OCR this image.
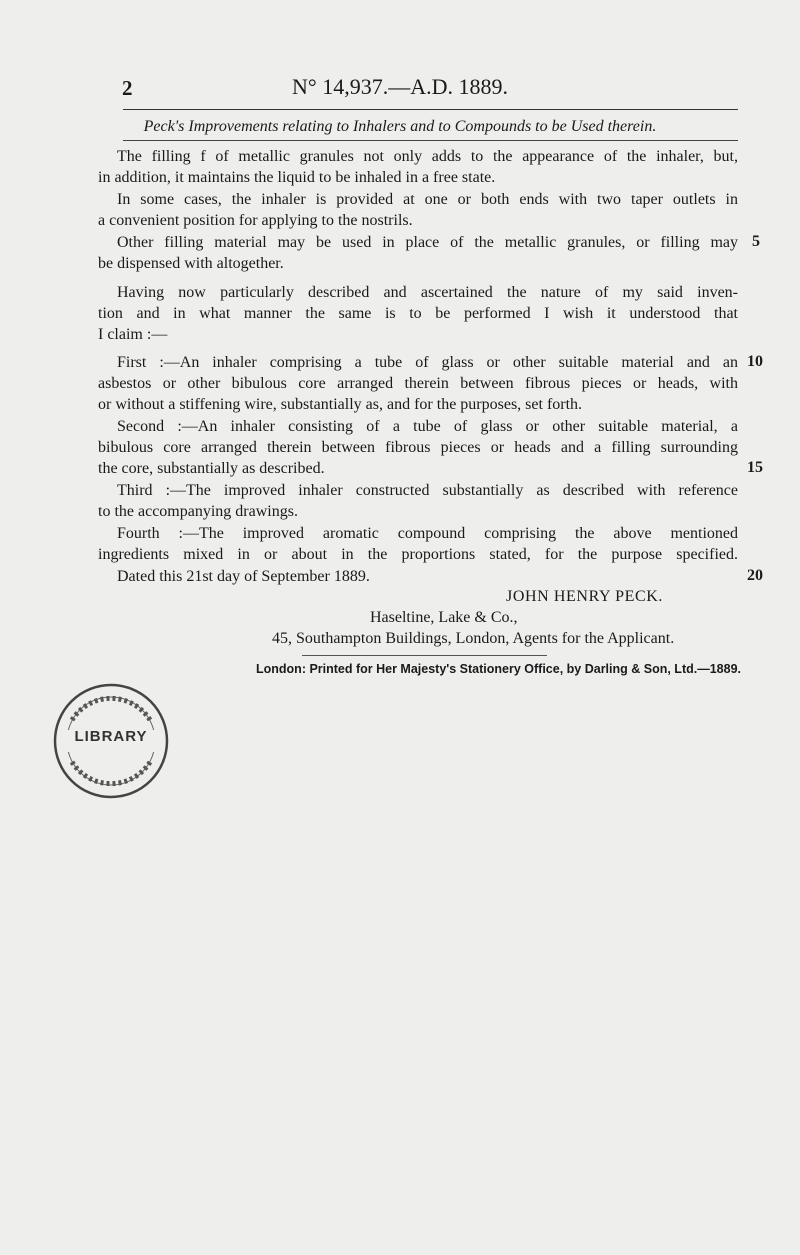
2	N° 14,937.—A.D. 1889.
Peck's Improvements relating to Inhalers and to Compounds to be Used therein.
The filling f of metallic granules not only adds to the appearance of the inhaler, but,
in addition, it maintains the liquid to be inhaled in a free state.
In some cases, the inhaler is provided at one or both ends with two taper outlets in
a convenient position for applying to the nostrils.
Other filling material may be used in place of the metallic granules, or filling may
be dispensed with altogether.
Having now particularly described and ascertained the nature of my said inven-
tion and in what manner the same is to be performed I wish it understood that
I claim :—
First :—An inhaler comprising a tube of glass or other suitable material and an
asbestos or other bibulous core arranged therein between fibrous pieces or heads, with
or without a stiffening wire, substantially as, and for the purposes, set forth.
Second :—An inhaler consisting of a tube of glass or other suitable material, a
bibulous core arranged therein between fibrous pieces or heads and a filling surrounding
the core, substantially as described.
Third :—The improved inhaler constructed substantially as described with reference
to the accompanying drawings.
Fourth :—The improved aromatic compound comprising the above mentioned
ingredients mixed in or about in the proportions stated, for the purpose specified.
Dated this 21st day of September 1889.
5
10
15
20
JOHN HENRY PECK.
Haseltine, Lake & Co.,
45, Southampton Buildings, London, Agents for the Applicant.
London: Printed for Her Majesty's Stationery Office, by Darling & Son, Ltd.—1889.
LIBRARY
